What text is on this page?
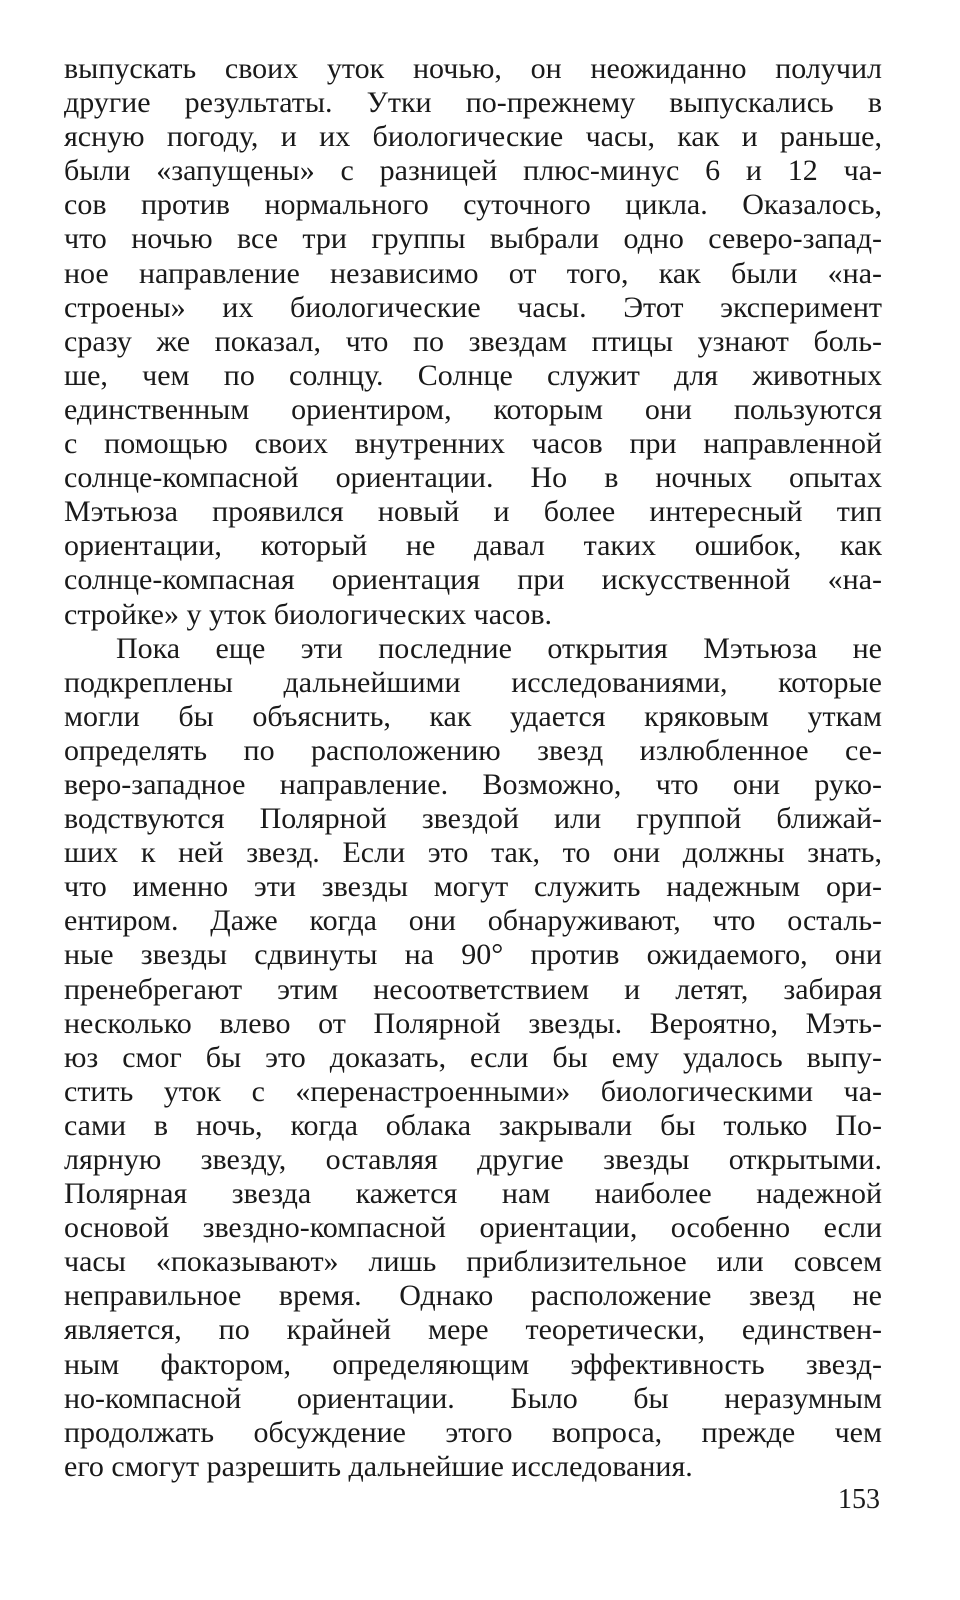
выпускать своих уток ночью, он неожиданно получил
другие результаты. Утки по-прежнему выпускались в
ясную погоду, и их биологические часы, как и раньше,
были «запущены» с разницей плюс-минус 6 и 12 ча-
сов против нормального суточного цикла. Оказалось,
что ночью все три группы выбрали одно северо-запад-
ное направление независимо от того, как были «на-
строены» их биологические часы. Этот эксперимент
сразу же показал, что по звездам птицы узнают боль-
ше, чем по солнцу. Солнце служит для животных
единственным ориентиром, которым они пользуются
с помощью своих внутренних часов при направленной
солнце-компасной ориентации. Но в ночных опытах
Мэтьюза проявился новый и более интересный тип
ориентации, который не давал таких ошибок, как
солнце-компасная ориентация при искусственной «на-
стройке» у уток биологических часов.
Пока еще эти последние открытия Мэтьюза не
подкреплены дальнейшими исследованиями, которые
могли бы объяснить, как удается кряковым уткам
определять по расположению звезд излюбленное се-
веро-западное направление. Возможно, что они руко-
водствуются Полярной звездой или группой ближай-
ших к ней звезд. Если это так, то они должны знать,
что именно эти звезды могут служить надежным ори-
ентиром. Даже когда они обнаруживают, что осталь-
ные звезды сдвинуты на 90° против ожидаемого, они
пренебрегают этим несоответствием и летят, забирая
несколько влево от Полярной звезды. Вероятно, Мэть-
юз смог бы это доказать, если бы ему удалось выпу-
стить уток с «перенастроенными» биологическими ча-
сами в ночь, когда облака закрывали бы только По-
лярную звезду, оставляя другие звезды открытыми.
Полярная звезда кажется нам наиболее надежной
основой звездно-компасной ориентации, особенно если
часы «показывают» лишь приблизительное или совсем
неправильное время. Однако расположение звезд не
является, по крайней мере теоретически, единствен-
ным фактором, определяющим эффективность звезд-
но-компасной ориентации. Было бы неразумным
продолжать обсуждение этого вопроса, прежде чем
его смогут разрешить дальнейшие исследования.
153
